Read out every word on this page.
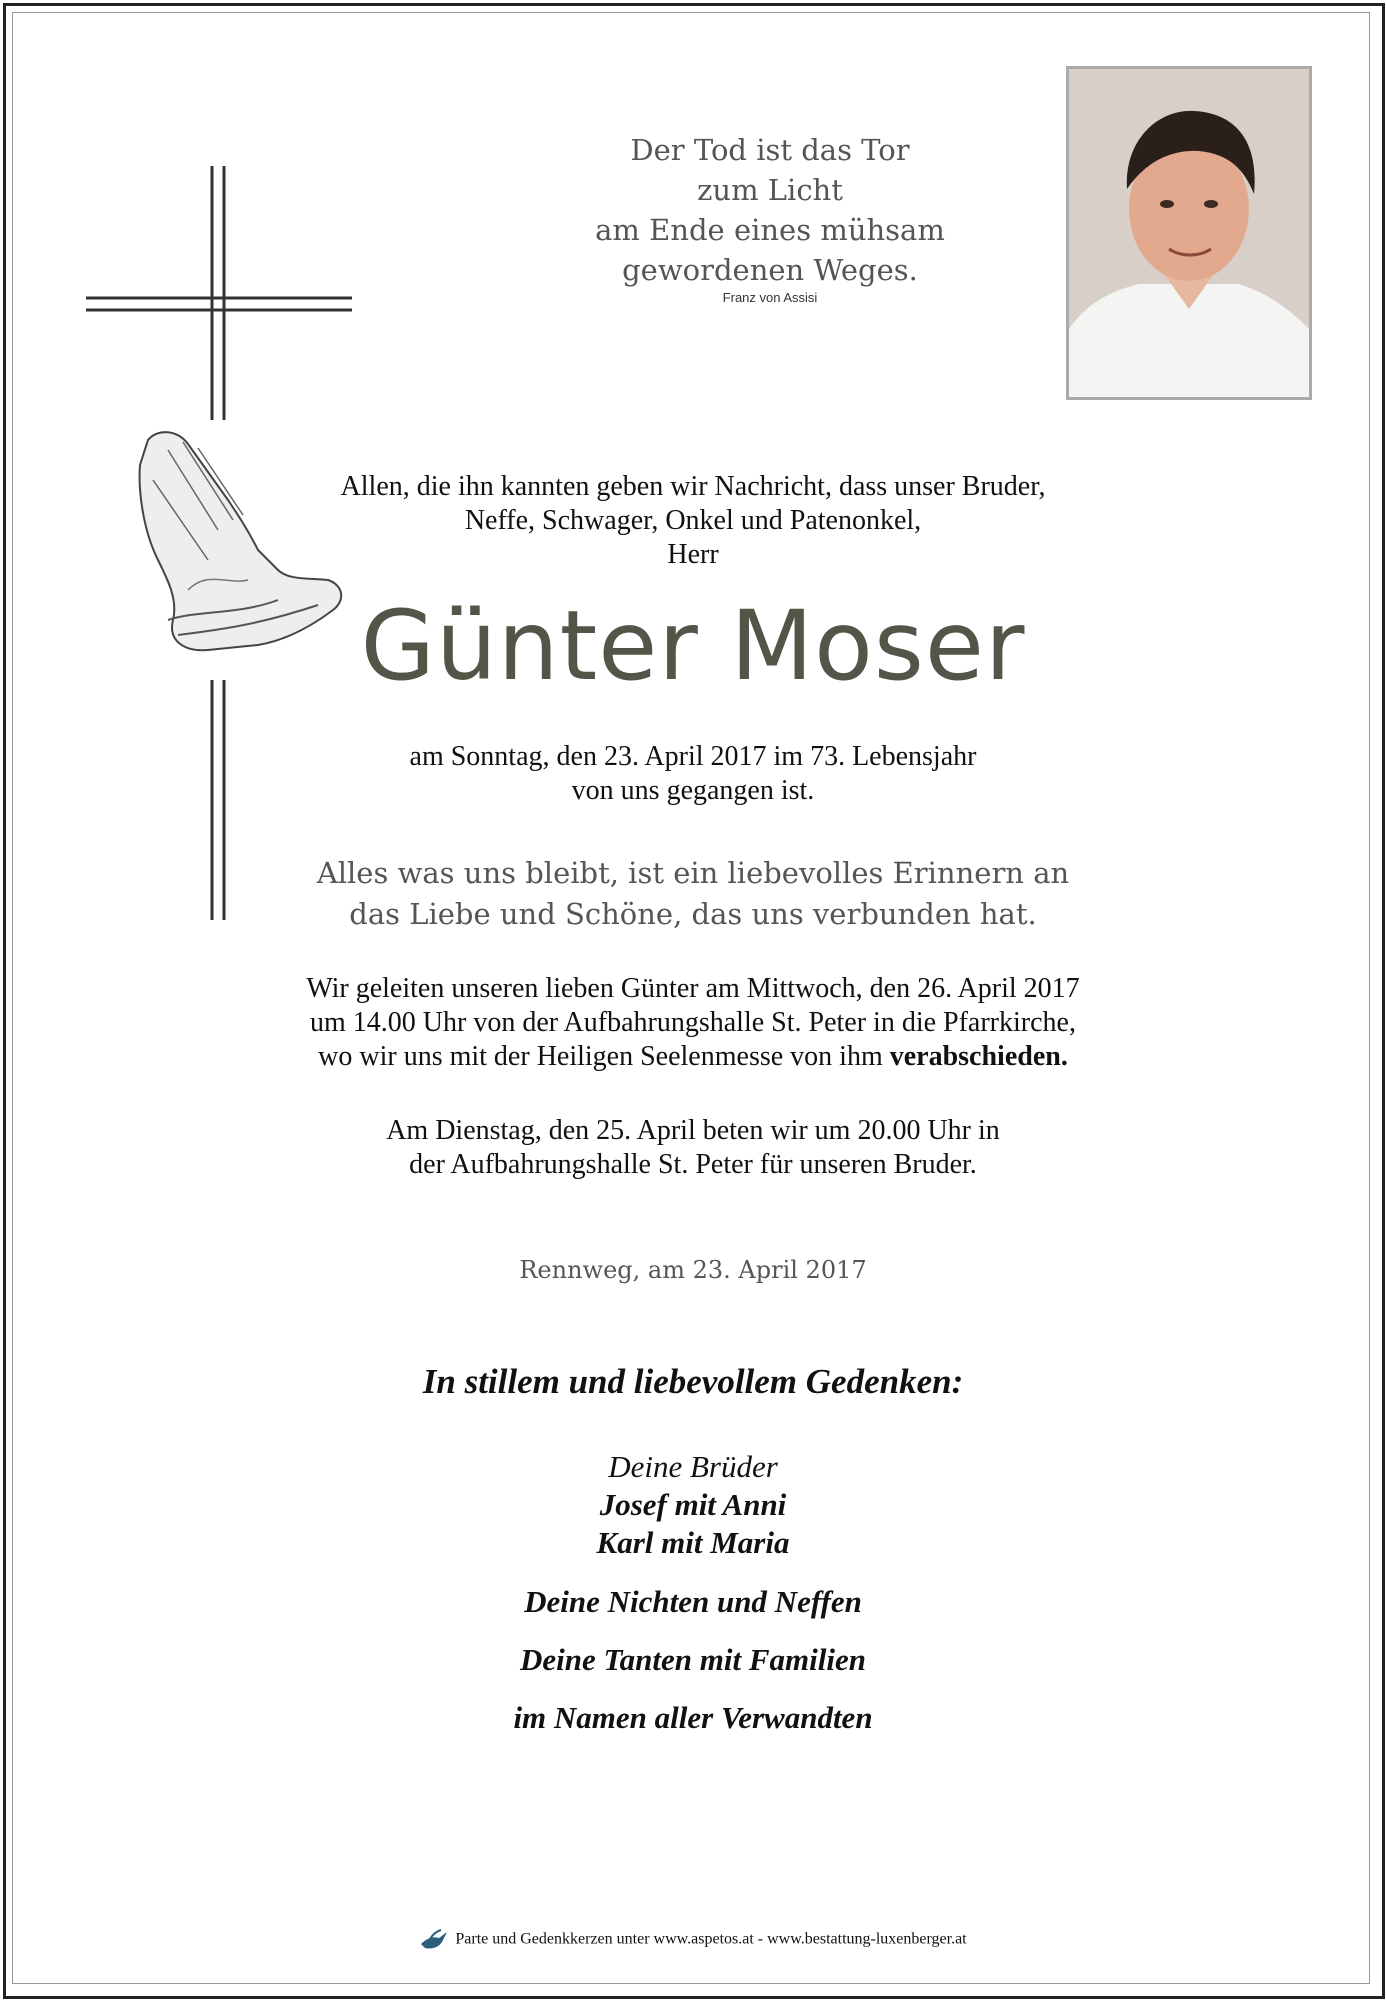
Der Tod ist das Tor
zum Licht
am Ende eines mühsam
gewordenen Weges.
Franz von Assisi
Allen, die ihn kannten geben wir Nachricht, dass unser Bruder,
Neffe, Schwager, Onkel und Patenonkel,
Herr
Günter Moser
am Sonntag, den 23. April 2017 im 73. Lebensjahr
von uns gegangen ist.
Alles was uns bleibt, ist ein liebevolles Erinnern an
das Liebe und Schöne, das uns verbunden hat.
Wir geleiten unseren lieben Günter am Mittwoch, den 26. April 2017
um 14.00 Uhr von der Aufbahrungshalle St. Peter in die Pfarrkirche,
wo wir uns mit der Heiligen Seelenmesse von ihm verabschieden.
Am Dienstag, den 25. April beten wir um 20.00 Uhr in
der Aufbahrungshalle St. Peter für unseren Bruder.
Rennweg, am 23. April 2017
In stillem und liebevollem Gedenken:
Deine Brüder
Josef mit Anni
Karl mit Maria
Deine Nichten und Neffen
Deine Tanten mit Familien
im Namen aller Verwandten
Parte und Gedenkkerzen unter www.aspetos.at - www.bestattung-luxenberger.at
